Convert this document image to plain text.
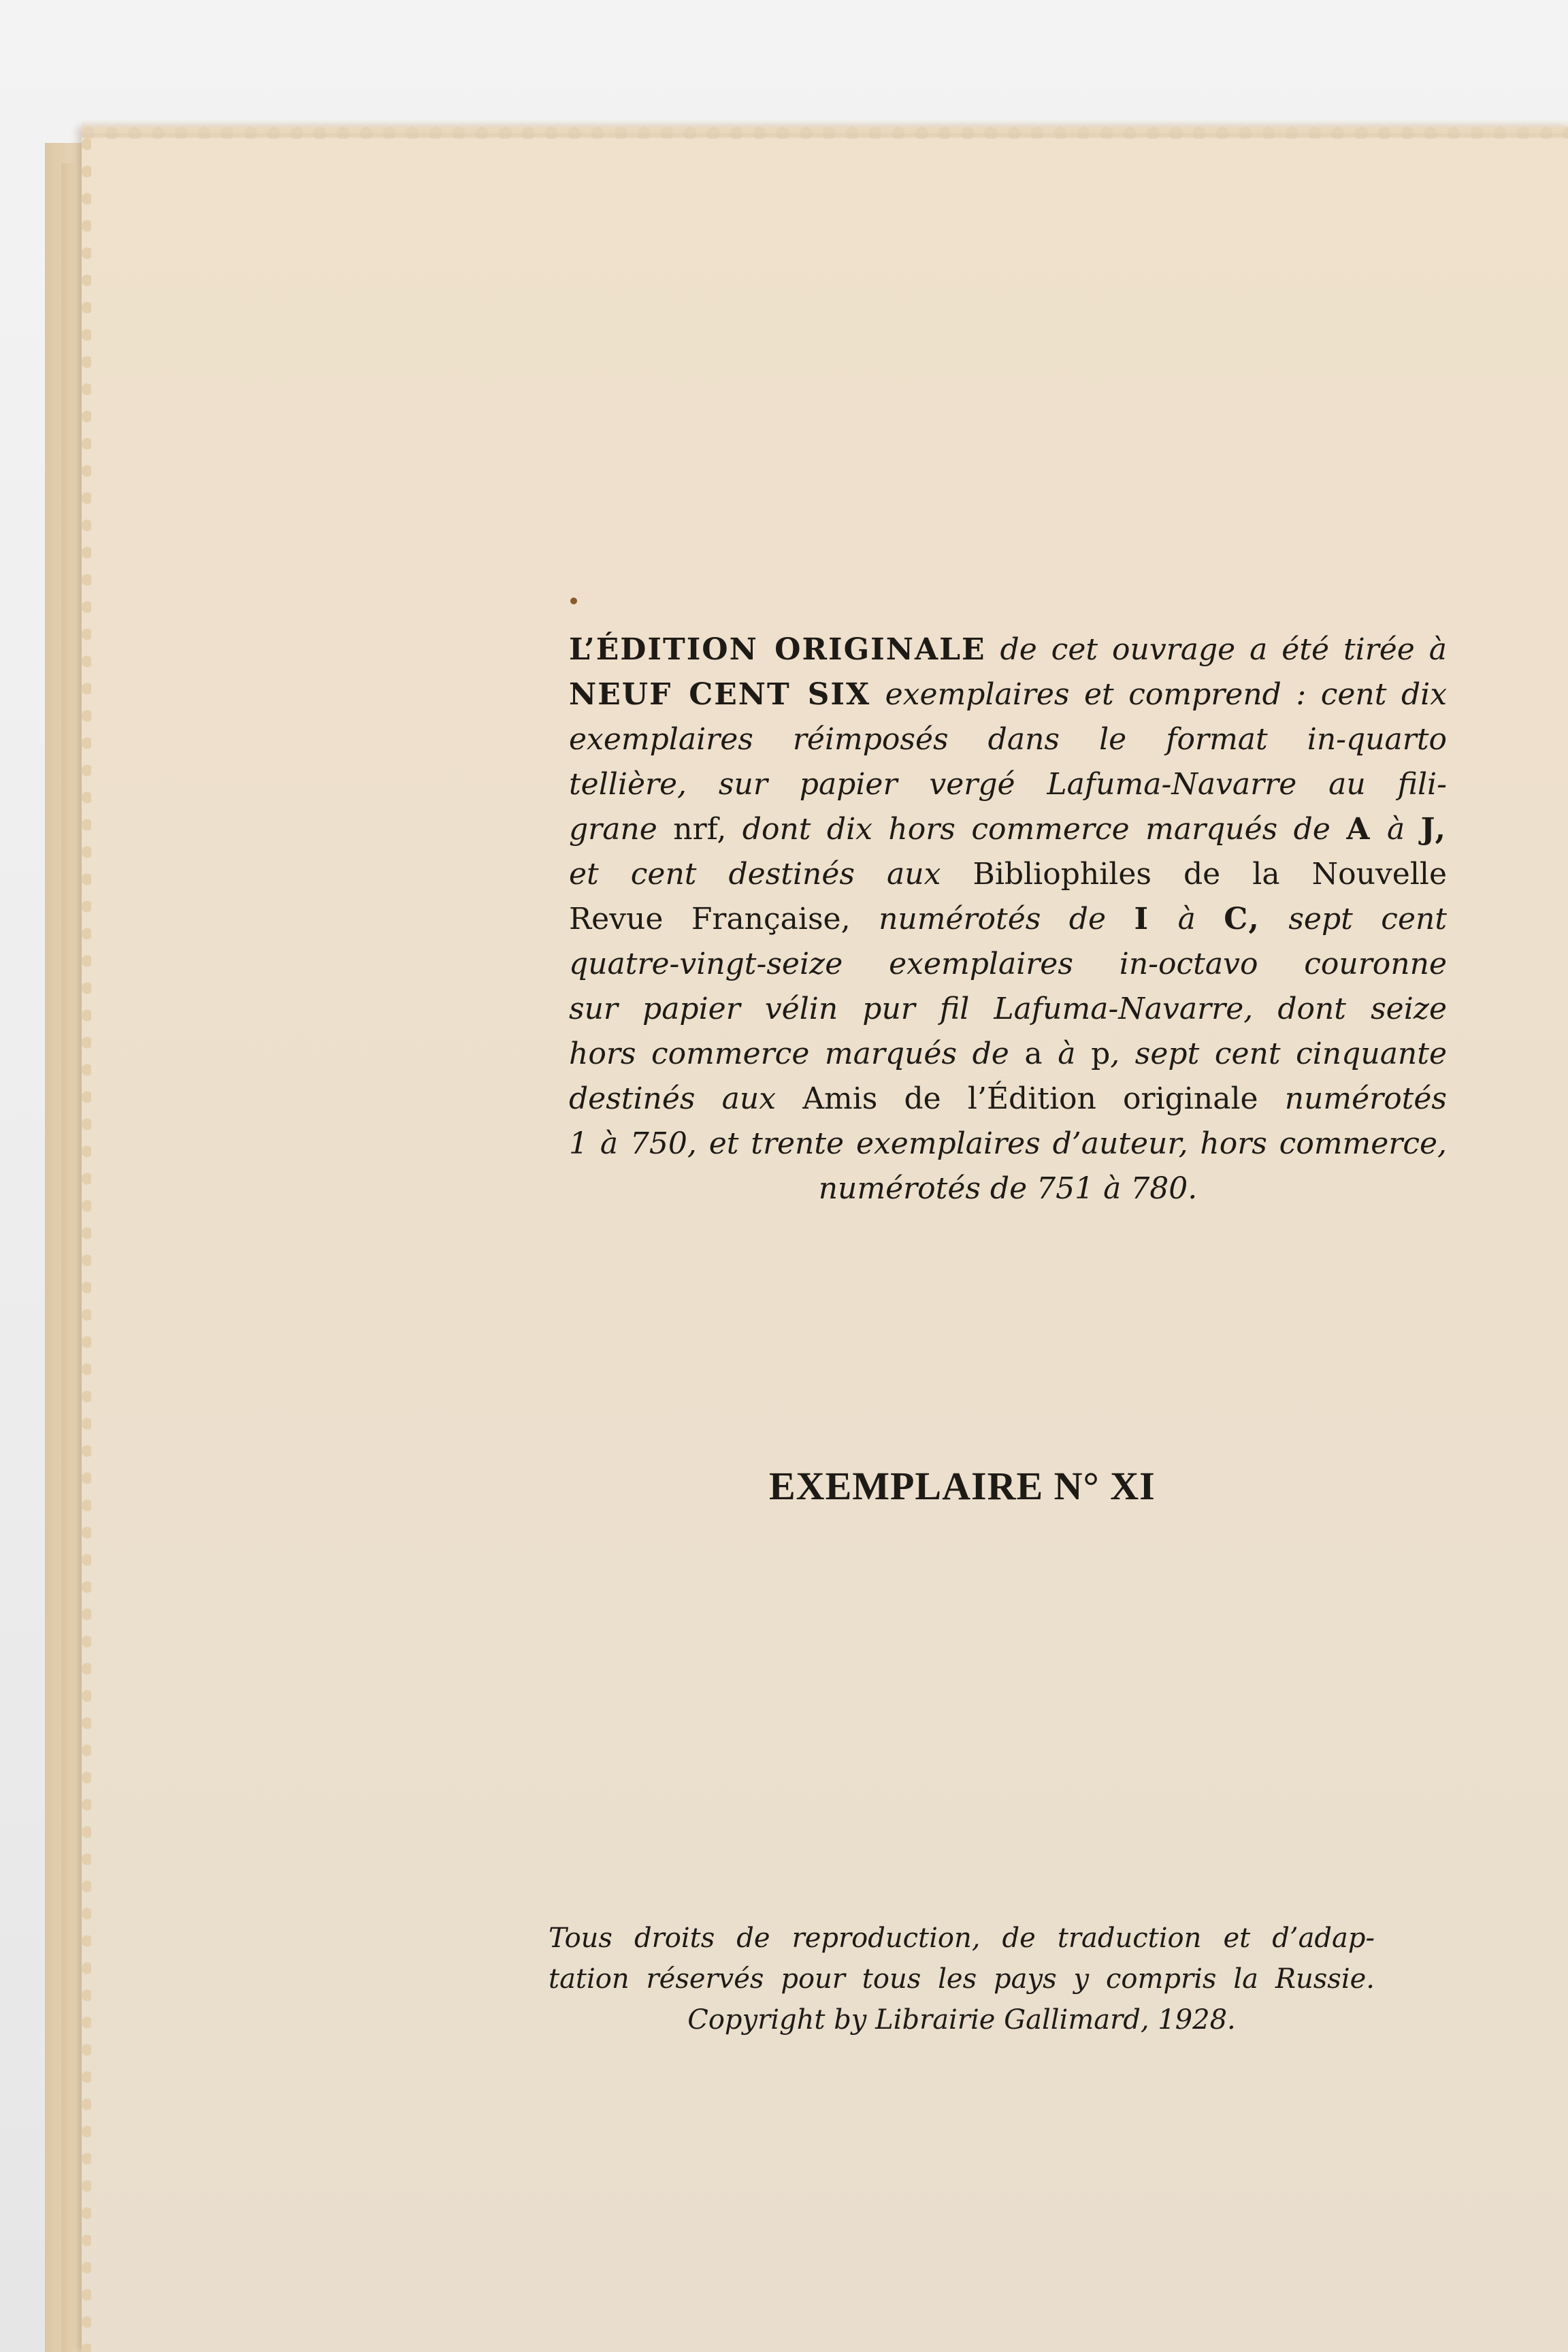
L’ÉDITION ORIGINALE de cet ouvrage a été tirée à
NEUF CENT SIX exemplaires et comprend : cent dix
exemplaires réimposés dans le format in-quarto
tellière, sur papier vergé Lafuma-Navarre au fili-
grane nrf, dont dix hors commerce marqués de A à J,
et cent destinés aux Bibliophiles de la Nouvelle
Revue Française, numérotés de I à C, sept cent
quatre-vingt-seize exemplaires in-octavo couronne
sur papier vélin pur fil Lafuma-Navarre, dont seize
hors commerce marqués de a à p, sept cent cinquante
destinés aux Amis de l’Édition originale numérotés
1 à 750, et trente exemplaires d’auteur, hors commerce,
numérotés de 751 à 780.
EXEMPLAIRE N° XI
Tous droits de reproduction, de traduction et d’adap-
tation réservés pour tous les pays y compris la Russie.
Copyright by Librairie Gallimard, 1928.
